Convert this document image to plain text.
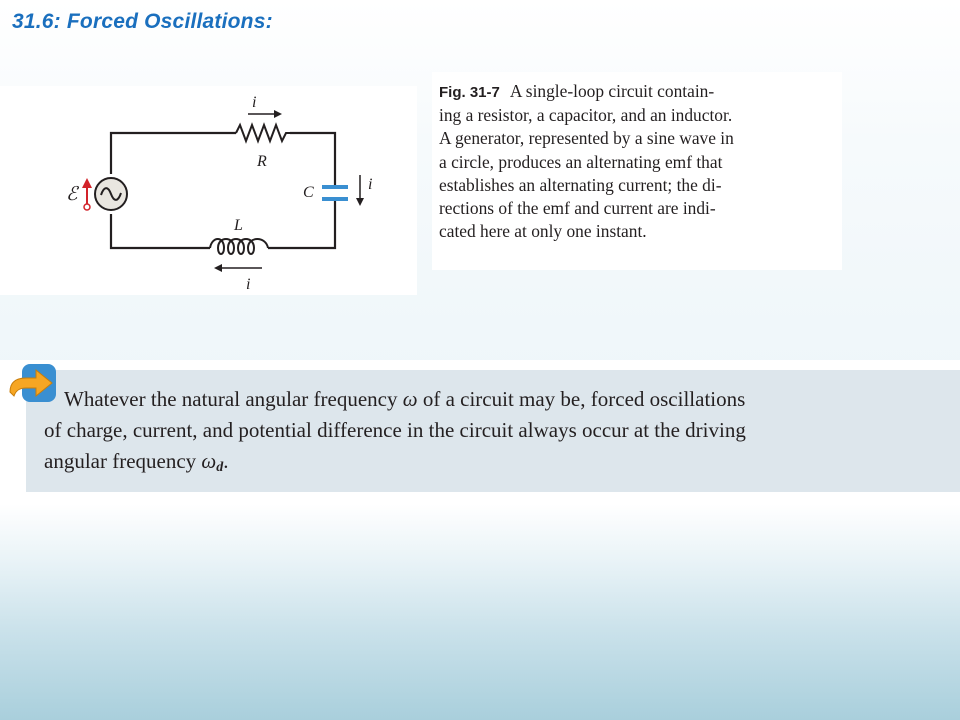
31.6: Forced Oscillations:
ℰ
R
C
L
i
i
i
Fig. 31-7 A single-loop circuit contain-
ing a resistor, a capacitor, and an inductor.
A generator, represented by a sine wave in
a circle, produces an alternating emf that
establishes an alternating current; the di-
rections of the emf and current are indi-
cated here at only one instant.
Whatever the natural angular frequency ω of a circuit may be, forced oscillations
of charge, current, and potential difference in the circuit always occur at the driving
angular frequency ωd.
